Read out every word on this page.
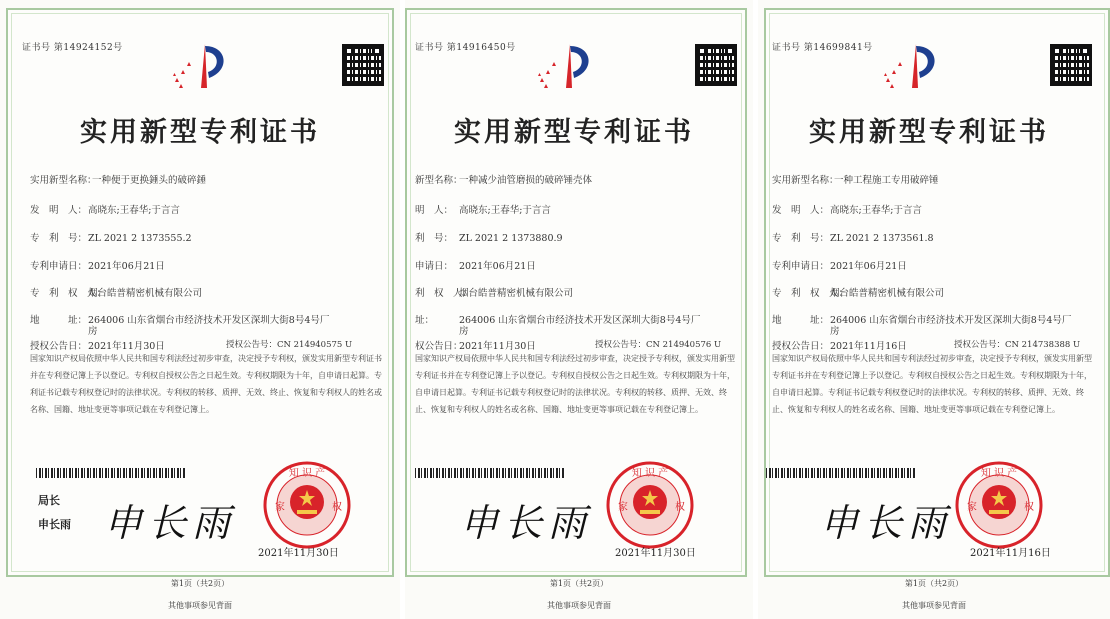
证书号 第14924152号
实用新型专利证书
实用新型名称：一种便于更换錘头的破碎錘
发　明　人：高晓东;王春华;于言言
专　利　号：ZL 2021 2 1373555.2
专利申请日：2021年06月21日
专　利　权　人：烟台皓普精密机械有限公司
地　　　址：264006 山东省烟台市经济技术开发区深圳大街8号4号厂
房
授权公告日：2021年11月30日	授权公告号：CN 214940575 U
国家知识产权局依照中华人民共和国专利法经过初步审查，决定授予专利权，颁发实用新型专利证书并在专利登记簿上予以登记。专利权自授权公告之日起生效。专利权期限为十年，自申请日起算。专利证书记载专利权登记时的法律状况。专利权的转移、质押、无效、终止、恢复和专利权人的姓名或名称、国籍、地址变更等事项记载在专利登记簿上。
局长
申长雨 申长雨
知 识 产
家	权
2021年11月30日
第1页（共2页）
其他事项参见背面
证书号 第14916450号
实用新型专利证书
新型名称：一种减少油管磨损的破碎锤壳体
明　人： 高晓东;王春华;于言言
利　号： ZL 2021 2 1373880.9
申请日： 2021年06月21日
利　权　人：烟台皓普精密机械有限公司
址：	264006 山东省烟台市经济技术开发区深圳大街8号4号厂
房
权公告日：2021年11月30日	授权公告号：CN 214940576 U
国家知识产权局依照中华人民共和国专利法经过初步审查，决定授予专利权，颁发实用新型专利证书并在专利登记簿上予以登记。专利权自授权公告之日起生效。专利权期限为十年，自申请日起算。专利证书记载专利权登记时的法律状况。专利权的转移、质押、无效、终止、恢复和专利权人的姓名或名称、国籍、地址变更等事项记载在专利登记簿上。
申长雨
知 识 产
家	权
2021年11月30日
第1页（共2页）
其他事项参见背面
证书号 第14699841号
实用新型专利证书
实用新型名称：一种工程施工专用破碎锤
发　明　人：高晓东;王春华;于言言
专　利　号：ZL 2021 2 1373561.8
专利申请日：2021年06月21日
专　利　权　人：烟台皓普精密机械有限公司
地　　　址：264006 山东省烟台市经济技术开发区深圳大街8号4号厂
房
授权公告日：2021年11月16日	授权公告号：CN 214738388 U
国家知识产权局依照中华人民共和国专利法经过初步审查，决定授予专利权，颁发实用新型专利证书并在专利登记簿上予以登记。专利权自授权公告之日起生效。专利权期限为十年，自申请日起算。专利证书记载专利权登记时的法律状况。专利权的转移、质押、无效、终止、恢复和专利权人的姓名或名称、国籍、地址变更等事项记载在专利登记簿上。
申长雨
知 识 产
家	权
2021年11月16日
第1页（共2页）
其他事项参见背面
